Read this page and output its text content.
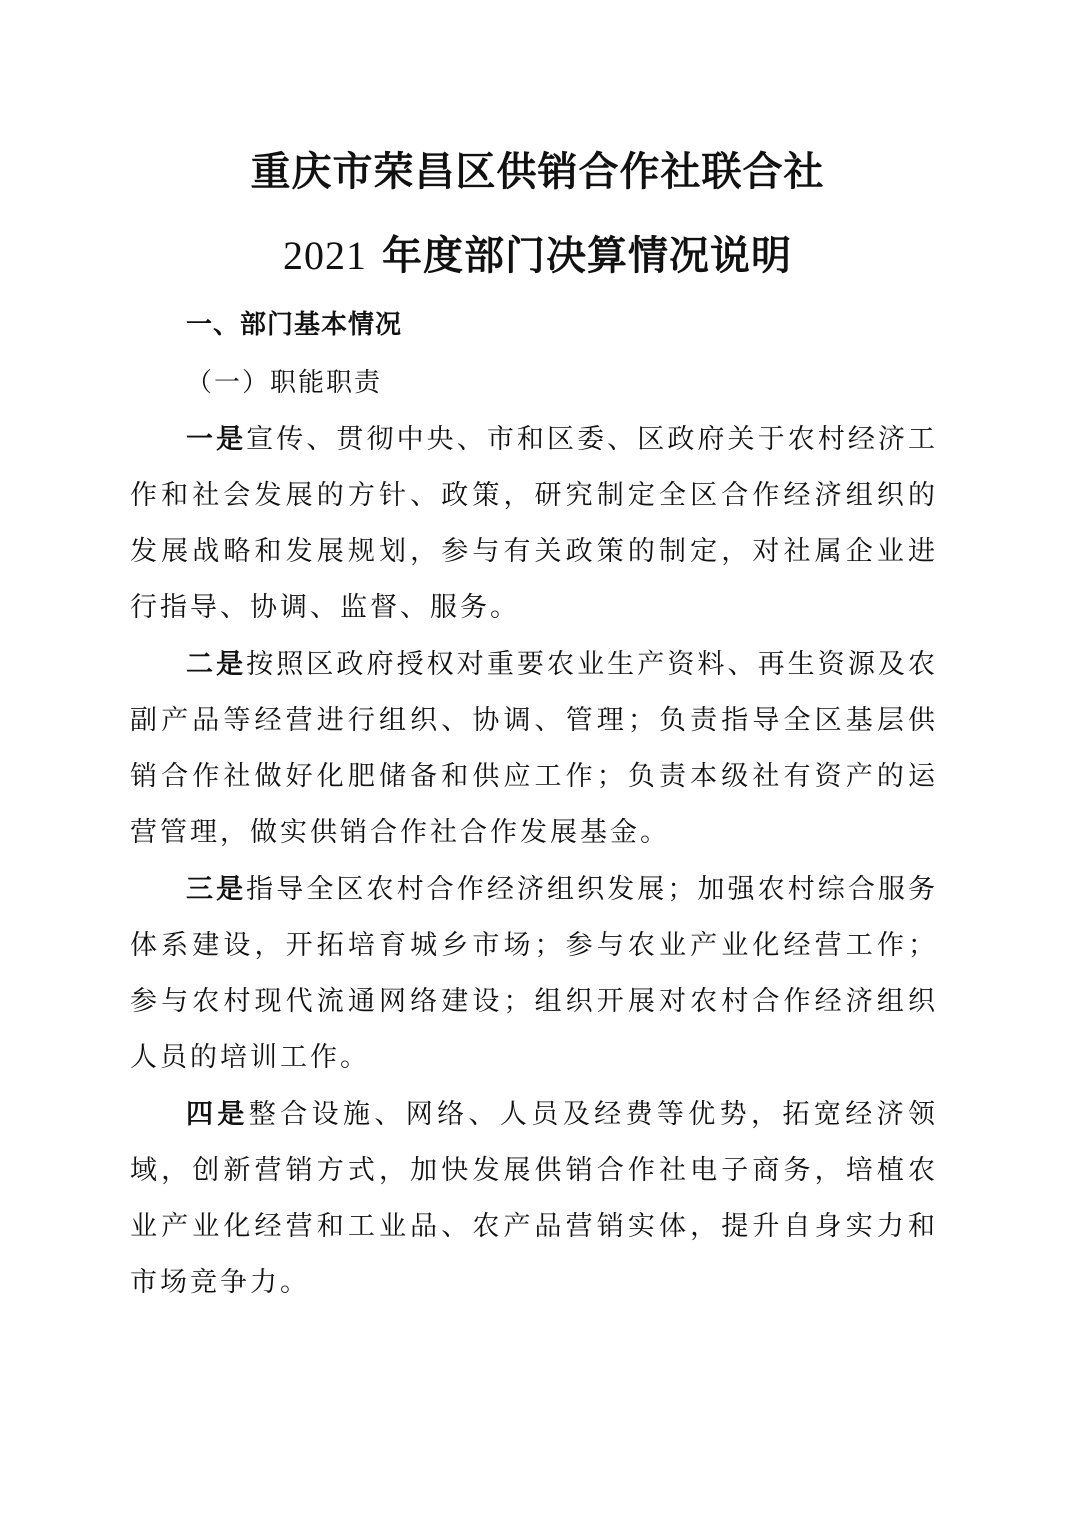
重庆市荣昌区供销合作社联合社
2021 年度部门决算情况说明
一、部门基本情况
（一）职能职责

一是宣传、贯彻中央、市和区委、区政府关于农村经济工作和社会发展的方针、政策，研究制定全区合作经济组织的发展战略和发展规划，参与有关政策的制定，对社属企业进行指导、协调、监督、服务。

二是按照区政府授权对重要农业生产资料、再生资源及农副产品等经营进行组织、协调、管理；负责指导全区基层供销合作社做好化肥储备和供应工作；负责本级社有资产的运营管理，做实供销合作社合作发展基金。

三是指导全区农村合作经济组织发展；加强农村综合服务体系建设，开拓培育城乡市场；参与农业产业化经营工作；参与农村现代流通网络建设；组织开展对农村合作经济组织人员的培训工作。

四是整合设施、网络、人员及经费等优势，拓宽经济领域，创新营销方式，加快发展供销合作社电子商务，培植农业产业化经营和工业品、农产品营销实体，提升自身实力和市场竞争力。
